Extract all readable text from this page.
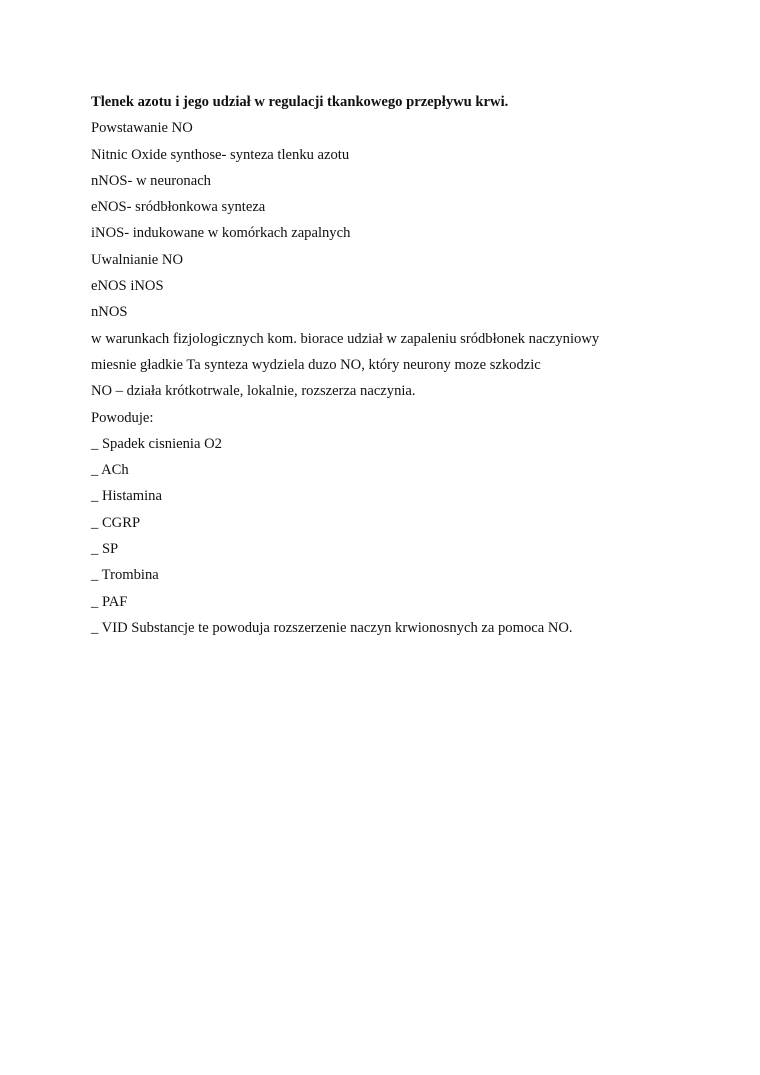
Tlenek azotu i jego udział w regulacji tkankowego przepływu krwi.
Powstawanie NO
Nitnic Oxide synthose- synteza tlenku azotu
nNOS- w neuronach
eNOS- sródbłonkowa synteza
iNOS- indukowane w komórkach zapalnych
Uwalnianie NO
eNOS iNOS
nNOS
w warunkach fizjologicznych kom. biorace udział w zapaleniu sródbłonek naczyniowy
miesnie gładkie Ta synteza wydziela duzo NO, który neurony moze szkodzic
NO – działa krótkotrwale, lokalnie, rozszerza naczynia.
Powoduje:
_ Spadek cisnienia O2
_ ACh
_ Histamina
_ CGRP
_ SP
_ Trombina
_ PAF
_ VID Substancje te powoduja rozszerzenie naczyn krwionosnych za pomoca NO.
